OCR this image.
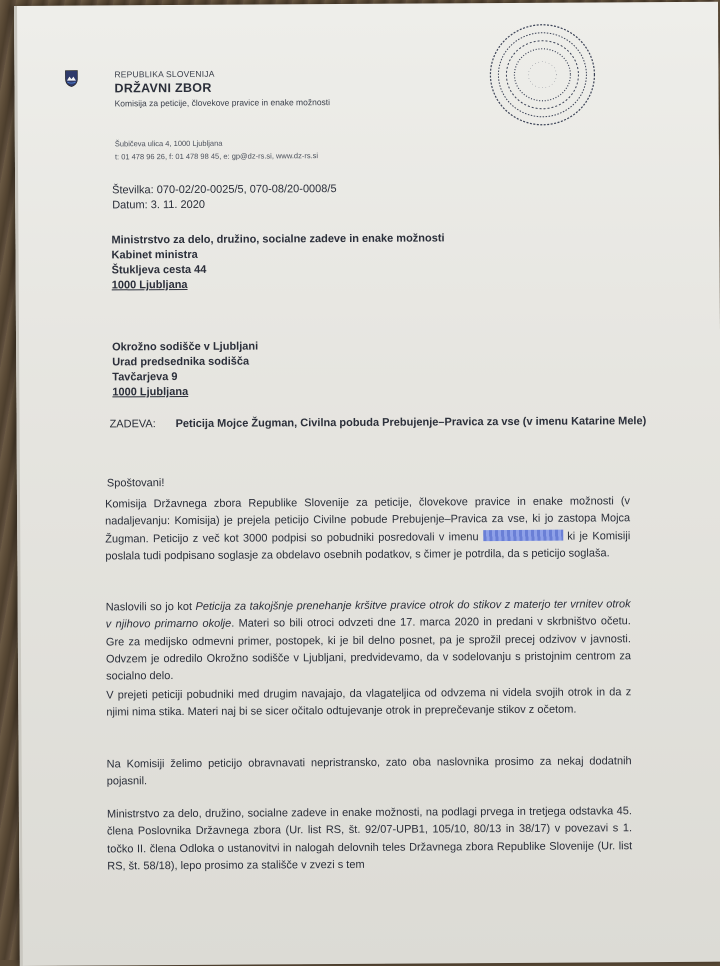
REPUBLIKA SLOVENIJA
DRŽAVNI ZBOR
Komisija za peticije, človekove pravice in enake možnosti
Šubičeva ulica 4, 1000 Ljubljana
t: 01 478 96 26, f: 01 478 98 45, e: gp@dz-rs.si, www.dz-rs.si
Številka: 070-02/20-0025/5, 070-08/20-0008/5
Datum: 3. 11. 2020
Ministrstvo za delo, družino, socialne zadeve in enake možnosti
Kabinet ministra
Štukljeva cesta 44
1000 Ljubljana
Okrožno sodišče v Ljubljani
Urad predsednika sodišča
Tavčarjeva 9
1000 Ljubljana
ZADEVA:	Peticija Mojce Žugman, Civilna pobuda Prebujenje–Pravica za vse (v imenu Katarine Mele)
Spoštovani!
Komisija Državnega zbora Republike Slovenije za peticije, človekove pravice in enake možnosti (v nadaljevanju: Komisija) je prejela peticijo Civilne pobude Prebujenje–Pravica za vse, ki jo zastopa Mojca Žugman. Peticijo z več kot 3000 podpisi so pobudniki posredovali v imenu	ki je Komisiji poslala tudi podpisano soglasje za obdelavo osebnih podatkov, s čimer je potrdila, da s peticijo soglaša.
Naslovili so jo kot Peticija za takojšnje prenehanje kršitve pravice otrok do stikov z materjo ter vrnitev otrok v njihovo primarno okolje. Materi so bili otroci odvzeti dne 17. marca 2020 in predani v skrbništvo očetu. Gre za medijsko odmevni primer, postopek, ki je bil delno posnet, pa je sprožil precej odzivov v javnosti. Odvzem je odredilo Okrožno sodišče v Ljubljani, predvidevamo, da v sodelovanju s pristojnim centrom za socialno delo.
V prejeti peticiji pobudniki med drugim navajajo, da vlagateljica od odvzema ni videla svojih otrok in da z njimi nima stika. Materi naj bi se sicer očitalo odtujevanje otrok in preprečevanje stikov z očetom.
Na Komisiji želimo peticijo obravnavati nepristransko, zato oba naslovnika prosimo za nekaj dodatnih pojasnil.
Ministrstvo za delo, družino, socialne zadeve in enake možnosti, na podlagi prvega in tretjega odstavka 45. člena Poslovnika Državnega zbora (Ur. list RS, št. 92/07-UPB1, 105/10, 80/13 in 38/17) v povezavi s 1. točko II. člena Odloka o ustanovitvi in nalogah delovnih teles Državnega zbora Republike Slovenije (Ur. list RS, št. 58/18), lepo prosimo za stališče v zvezi s tem
